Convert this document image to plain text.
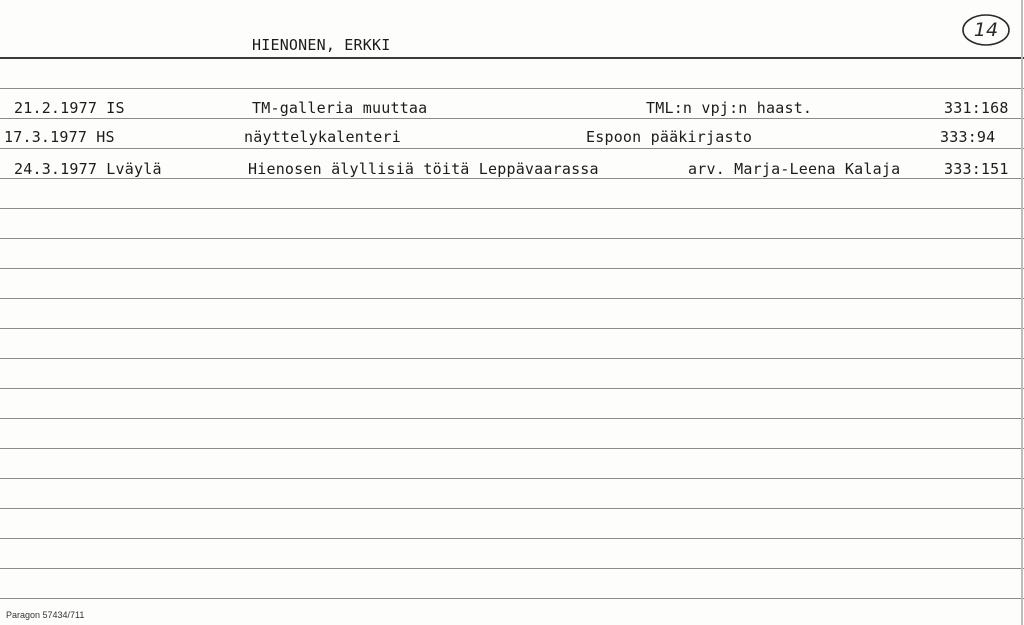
HIENONEN, ERKKI
14
21.2.1977 IS	TM-galleria muuttaa	TML:n vpj:n haast.	331:168
17.3.1977 HS	näyttelykalenteri	Espoon pääkirjasto	333:94
24.3.1977 Lväylä	Hienosen älyllisiä töitä Leppävaarassa	arv. Marja-Leena Kalaja	333:151
Paragon 57434/711
